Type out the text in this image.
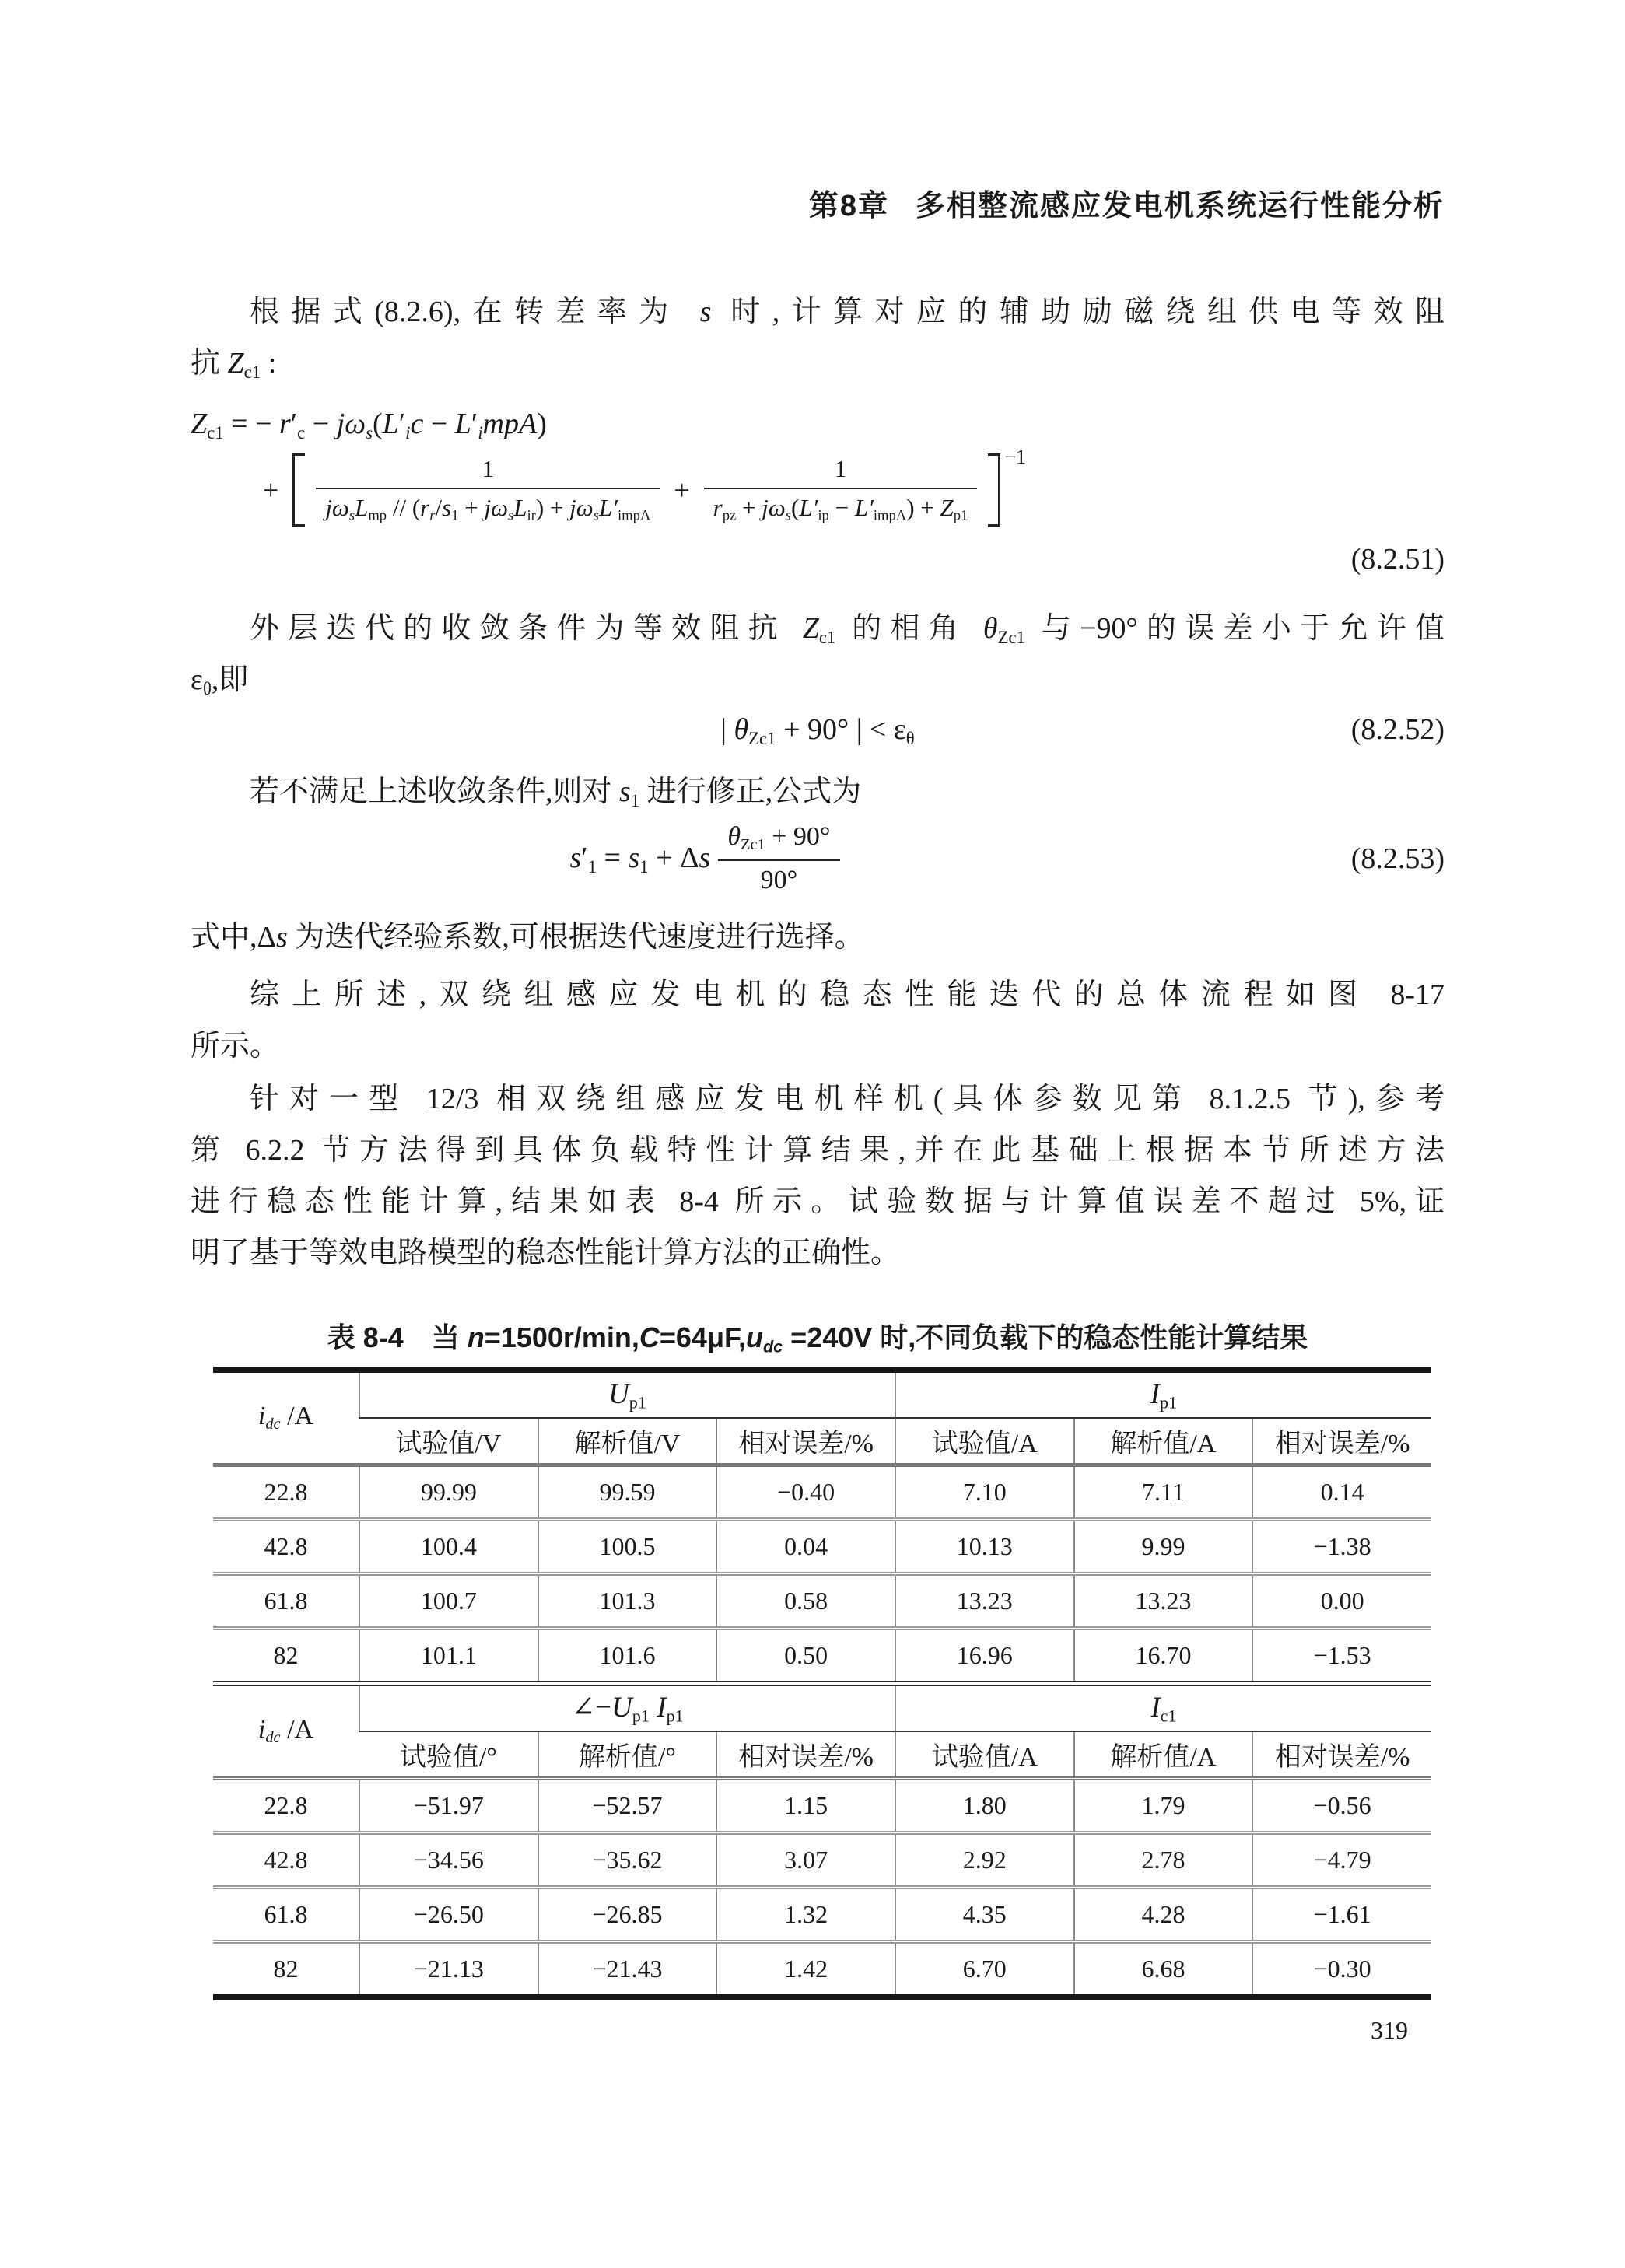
第8章 多相整流感应发电机系统运行性能分析
根据式(8.2.6),在转差率为 s 时,计算对应的辅助励磁绕组供电等效阻
抗 $Z_{c1}$ :
$Z_{c1}$ = − $r'_c - j\omega s(L'ic$ − L′impA)
+ $\frac{1}{j\omega sL_{mp} // (rr/s_1 + j\omega sL_{ir}) + j\omega sL'_{impA}} + \frac{1}{r_{pz} + j\omega s(L'_{ip} - L'_{impA}) + Z_{p1}} -1$
(8.2.51)
外层迭代的收敛条件为等效阻抗 $Z_{c1}$ 的相角 $\theta_{Zc1}$ 与−90°的误差小于允许值
$\varepsilon_\theta$,即
| $\theta_{Zc1} + 90^\circ$ | < $\varepsilon_\theta$	(8.2.52)
若不满足上述收敛条件,则对 $s_1$ 进行修正,公式为
$s'_1 = s_1 + \Delta s \frac{\theta_{Zc1} + 90^\circ}{90^\circ}$	(8.2.53)
式中,Δs 为迭代经验系数,可根据迭代速度进行选择。
综上所述,双绕组感应发电机的稳态性能迭代的总体流程如图 8-17
所示。
针对一型 12/3 相双绕组感应发电机样机(具体参数见第 8.1.2.5 节),参考
第 6.2.2 节方法得到具体负载特性计算结果,并在此基础上根据本节所述方法
进行稳态性能计算,结果如表 8-4 所示。试验数据与计算值误差不超过 5%,证
明了基于等效电路模型的稳态性能计算方法的正确性。
表 8-4　当 n=1500r/min,C=64μF,udc =240V 时,不同负载下的稳态性能计算结果
idc /A	$U_{p1}$			$I_{p1}$
	试验值/V	解析值/V	相对误差/%	试验值/A	解析值/A	相对误差/%
22.8	99.99	99.59	−0.40	7.10	7.11	0.14
42.8	100.4	100.5	0.04	10.13	9.99	−1.38
61.8	100.7	101.3	0.58	13.23	13.23	0.00
82	101.1	101.6	0.50	16.96	16.70	−1.53
idc /A	$\angle-U_{p1}$ $I_{p1}$			$I_{c1}$
	试验值/°	解析值/°	相对误差/%	试验值/A	解析值/A	相对误差/%
22.8	−51.97	−52.57	1.15	1.80	1.79	−0.56
42.8	−34.56	−35.62	3.07	2.92	2.78	−4.79
61.8	−26.50	−26.85	1.32	4.35	4.28	−1.61
82	−21.13	−21.43	1.42	6.70	6.68	−0.30
319
